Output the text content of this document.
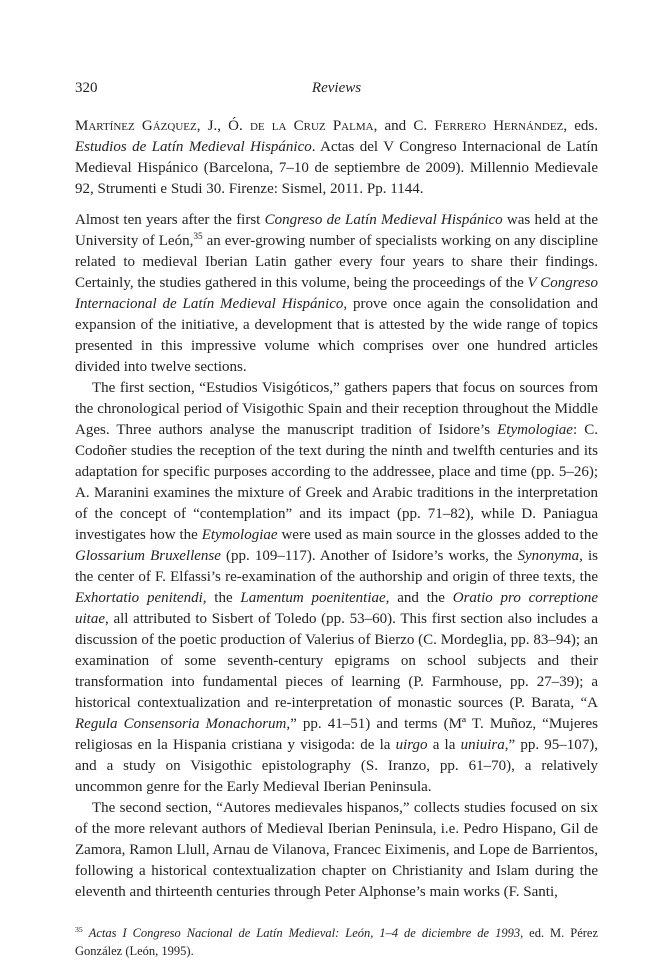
320	Reviews

Martínez Gázquez, J., Ó. de la Cruz Palma, and C. Ferrero Hernández, eds. Estudios de Latín Medieval Hispánico. Actas del V Congreso Internacional de Latín Medieval Hispánico (Barcelona, 7–10 de septiembre de 2009). Millennio Medievale 92, Strumenti e Studi 30. Firenze: Sismel, 2011. Pp. 1144.

Almost ten years after the first Congreso de Latín Medieval Hispánico was held at the University of León,$^{35}$ an ever-growing number of specialists working on any discipline related to medieval Iberian Latin gather every four years to share their findings. Certainly, the studies gathered in this volume, being the proceedings of the V Congreso Internacional de Latín Medieval Hispánico, prove once again the consolidation and expansion of the initiative, a development that is attested by the wide range of topics presented in this impressive volume which comprises over one hundred articles divided into twelve sections.

The first section, “Estudios Visigóticos,” gathers papers that focus on sources from the chronological period of Visigothic Spain and their reception throughout the Middle Ages. Three authors analyse the manuscript tradition of Isidore’s Etymologiae: C. Codoñer studies the reception of the text during the ninth and twelfth centuries and its adaptation for specific purposes according to the addressee, place and time (pp. 5–26); A. Maranini examines the mixture of Greek and Arabic traditions in the interpretation of the concept of “contemplation” and its impact (pp. 71–82), while D. Paniagua investigates how the Etymologiae were used as main source in the glosses added to the Glossarium Bruxellense (pp. 109–117). Another of Isidore’s works, the Synonyma, is the center of F. Elfassi’s re-examination of the authorship and origin of three texts, the Exhortatio penitendi, the Lamentum poenitentiae, and the Oratio pro correptione uitae, all attributed to Sisbert of Toledo (pp. 53–60). This first section also includes a discussion of the poetic production of Valerius of Bierzo (C. Mordeglia, pp. 83–94); an examination of some seventh-century epigrams on school subjects and their transformation into fundamental pieces of learning (P. Farmhouse, pp. 27–39); a historical contextualization and re-interpretation of monastic sources (P. Barata, “A Regula Consensoria Monachorum,” pp. 41–51) and terms (Mª T. Muñoz, “Mujeres religiosas en la Hispania cristiana y visigoda: de la uirgo a la uniuira,” pp. 95–107), and a study on Visigothic epistolography (S. Iranzo, pp. 61–70), a relatively uncommon genre for the Early Medieval Iberian Peninsula.

The second section, “Autores medievales hispanos,” collects studies focused on six of the more relevant authors of Medieval Iberian Peninsula, i.e. Pedro Hispano, Gil de Zamora, Ramon Llull, Arnau de Vilanova, Francec Eiximenis, and Lope de Barrientos, following a historical contextualization chapter on Christianity and Islam during the eleventh and thirteenth centuries through Peter Alphonse’s main works (F. Santi,

$^{35}$ Actas I Congreso Nacional de Latín Medieval: León, 1–4 de diciembre de 1993, ed. M. Pérez González (León, 1995).
